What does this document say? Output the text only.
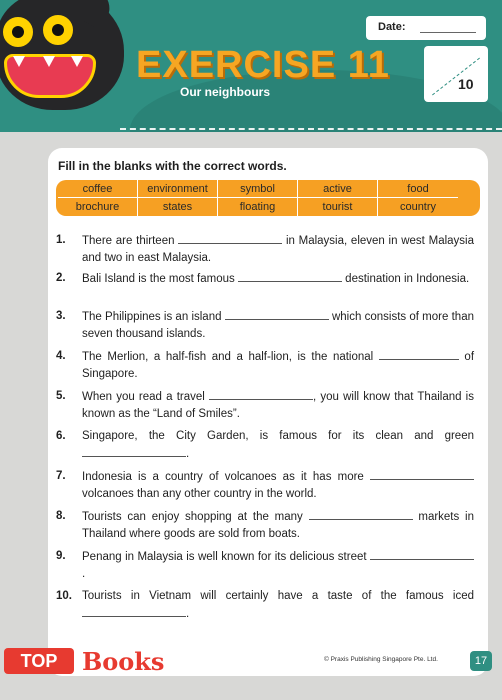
EXERCISE 11
Our neighbours
Date:
10
Fill in the blanks with the correct words.
coffee	environment	symbol	active	food
brochure	states	floating	tourist	country
1. There are thirteen	in Malaysia, eleven in west Malaysia and two in east Malaysia.
2. Bali Island is the most famous	destination in Indonesia.
3. The Philippines is an island	which consists of more than seven thousand islands.
4. The Merlion, a half-fish and a half-lion, is the national	of Singapore.
5. When you read a travel	, you will know that Thailand is known as the “Land of Smiles”.
6. Singapore, the City Garden, is famous for its clean and green .
7. Indonesia is a country of volcanoes as it has more  volcanoes than any other country in the world.
8. Tourists can enjoy shopping at the many	markets in Thailand where goods are sold from boats.
9. Penang in Malaysia is well known for its delicious street .
10. Tourists in Vietnam will certainly have a taste of the famous iced .
TOP	Books	© Praxis Publishing Singapore Pte. Ltd.	17
